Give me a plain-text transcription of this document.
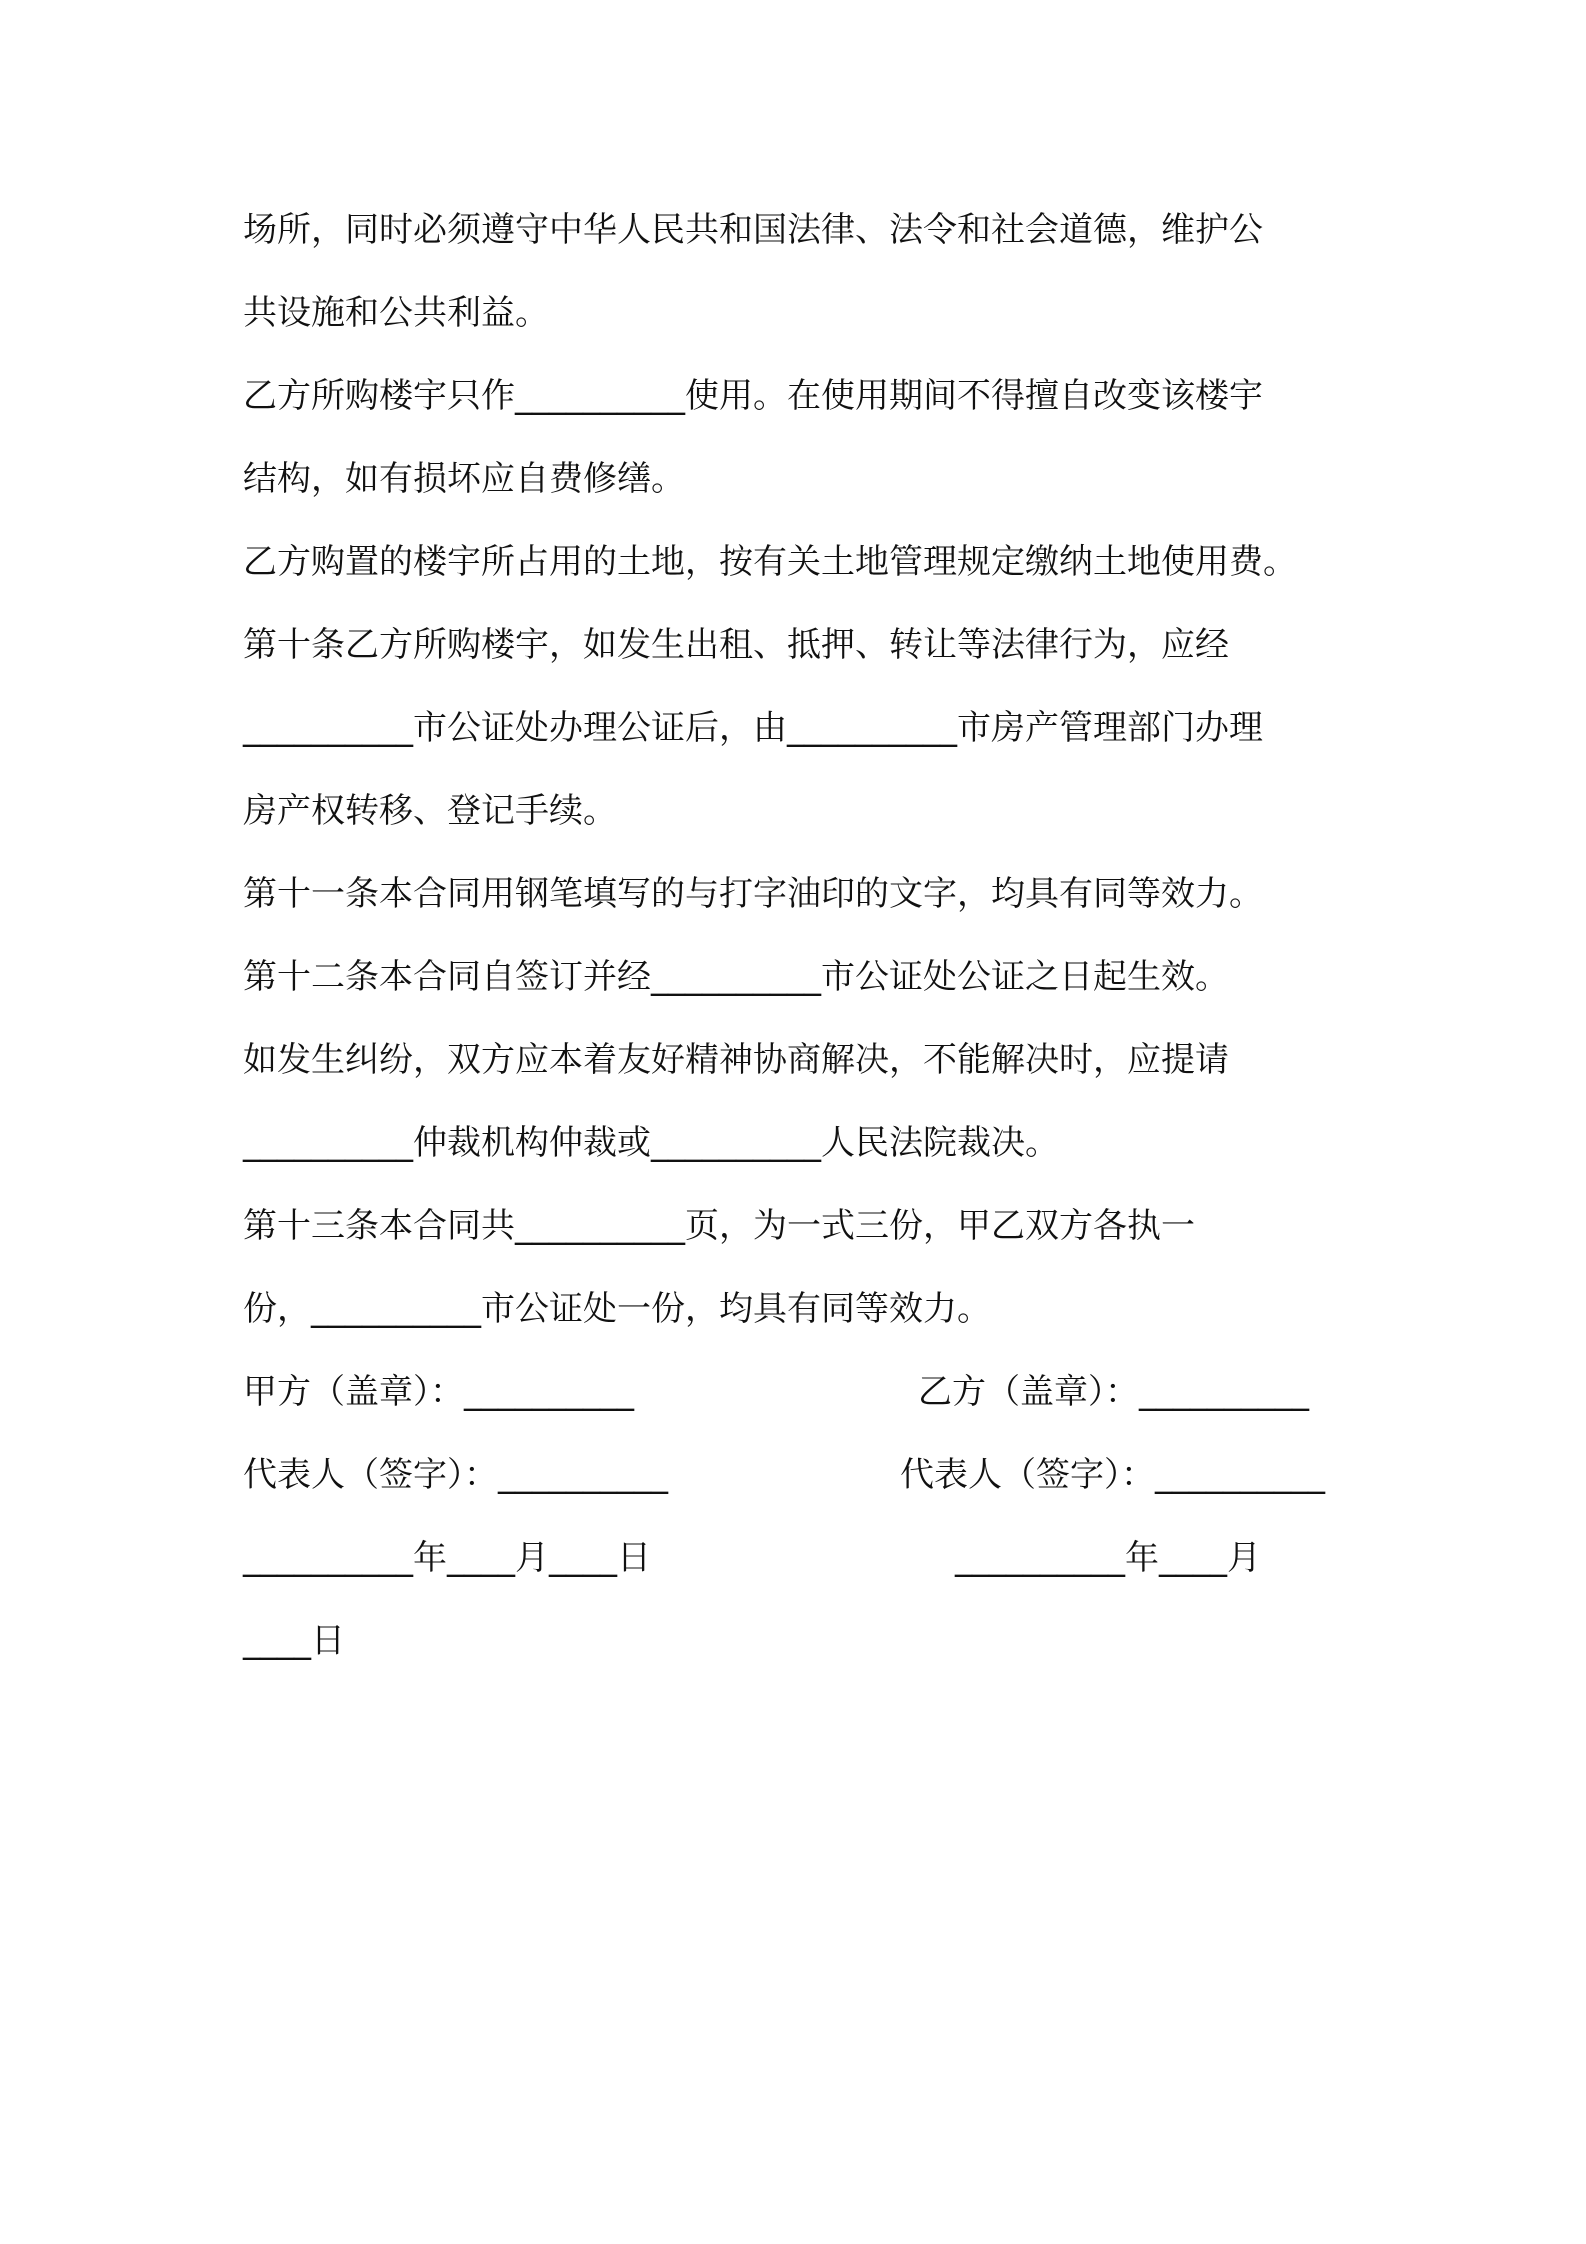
场所，同时必须遵守中华人民共和国法律、法令和社会道德，维护公
共设施和公共利益。
乙方所购楼宇只作__________使用。在使用期间不得擅自改变该楼宇
结构，如有损坏应自费修缮。
乙方购置的楼宇所占用的土地，按有关土地管理规定缴纳土地使用费。
第十条乙方所购楼宇，如发生出租、抵押、转让等法律行为，应经
__________市公证处办理公证后，由__________市房产管理部门办理
房产权转移、登记手续。
第十一条本合同用钢笔填写的与打字油印的文字，均具有同等效力。
第十二条本合同自签订并经__________市公证处公证之日起生效。
如发生纠纷，双方应本着友好精神协商解决，不能解决时，应提请
__________仲裁机构仲裁或__________人民法院裁决。
第十三条本合同共__________页，为一式三份，甲乙双方各执一
份，__________市公证处一份，均具有同等效力。
甲方（盖章）：__________	乙方（盖章）：__________
代表人（签字）：__________	代表人（签字）：__________
__________年____月____日	__________年____月
____日
